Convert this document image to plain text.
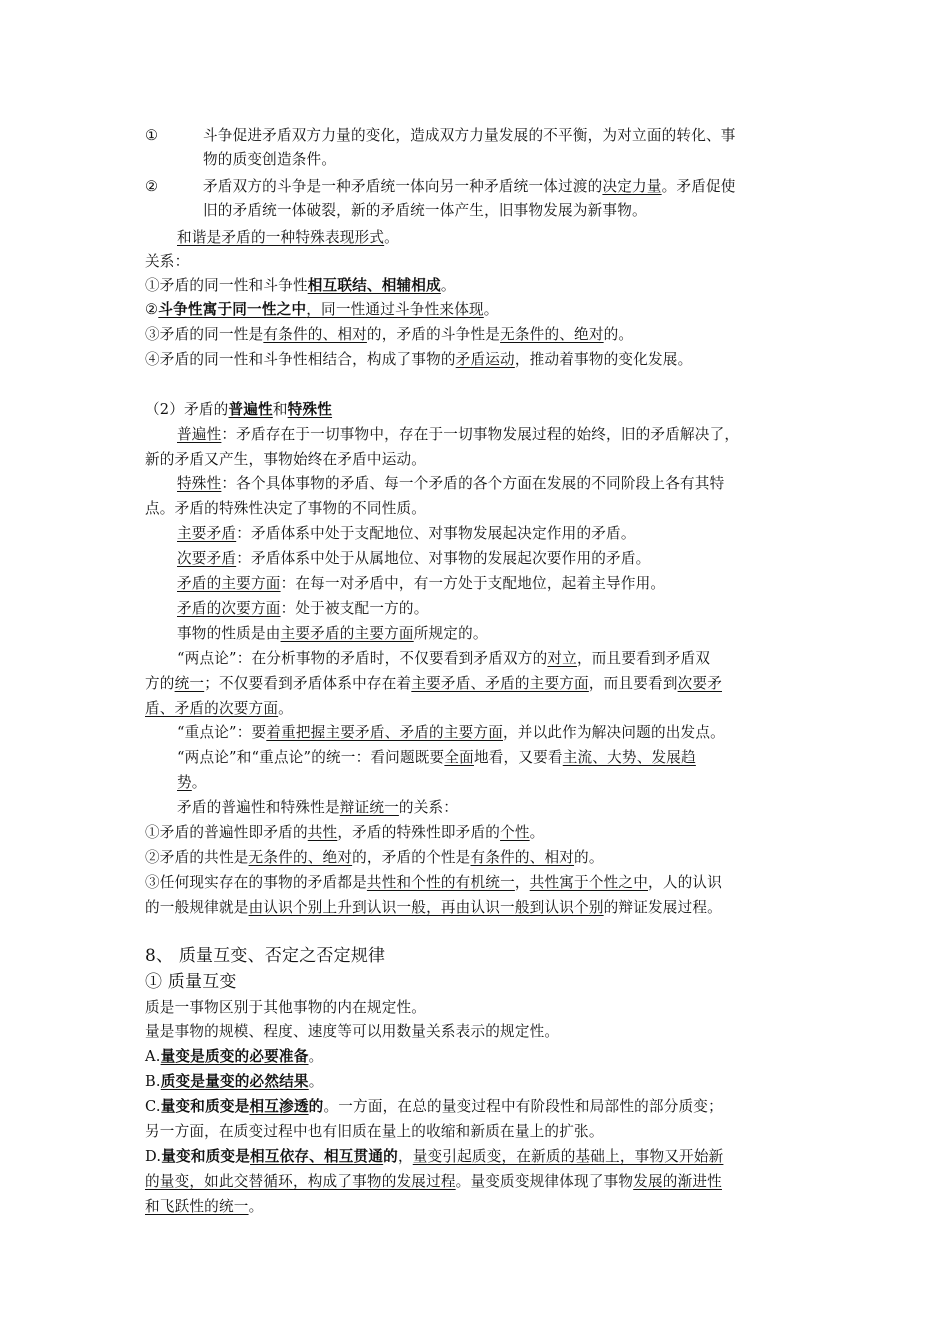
①	斗争促进矛盾双方力量的变化，造成双方力量发展的不平衡，为对立面的转化、事
物的质变创造条件。
②	矛盾双方的斗争是一种矛盾统一体向另一种矛盾统一体过渡的决定力量。矛盾促使
旧的矛盾统一体破裂，新的矛盾统一体产生，旧事物发展为新事物。
和谐是矛盾的一种特殊表现形式。
关系：
①矛盾的同一性和斗争性相互联结、相辅相成。
②斗争性寓于同一性之中，同一性通过斗争性来体现。
③矛盾的同一性是有条件的、相对的，矛盾的斗争性是无条件的、绝对的。
④矛盾的同一性和斗争性相结合，构成了事物的矛盾运动，推动着事物的变化发展。
（2）矛盾的普遍性和特殊性
普遍性：矛盾存在于一切事物中，存在于一切事物发展过程的始终，旧的矛盾解决了，
新的矛盾又产生，事物始终在矛盾中运动。
特殊性：各个具体事物的矛盾、每一个矛盾的各个方面在发展的不同阶段上各有其特
点。矛盾的特殊性决定了事物的不同性质。
主要矛盾：矛盾体系中处于支配地位、对事物发展起决定作用的矛盾。
次要矛盾：矛盾体系中处于从属地位、对事物的发展起次要作用的矛盾。
矛盾的主要方面：在每一对矛盾中，有一方处于支配地位，起着主导作用。
矛盾的次要方面：处于被支配一方的。
事物的性质是由主要矛盾的主要方面所规定的。
“两点论”：在分析事物的矛盾时，不仅要看到矛盾双方的对立，而且要看到矛盾双
方的统一；不仅要看到矛盾体系中存在着主要矛盾、矛盾的主要方面，而且要看到次要矛
盾、矛盾的次要方面。
“重点论”：要着重把握主要矛盾、矛盾的主要方面，并以此作为解决问题的出发点。
“两点论”和“重点论”的统一：看问题既要全面地看，又要看主流、大势、发展趋
势。
矛盾的普遍性和特殊性是辩证统一的关系：
①矛盾的普遍性即矛盾的共性，矛盾的特殊性即矛盾的个性。
②矛盾的共性是无条件的、绝对的，矛盾的个性是有条件的、相对的。
③任何现实存在的事物的矛盾都是共性和个性的有机统一，共性寓于个性之中，人的认识
的一般规律就是由认识个别上升到认识一般，再由认识一般到认识个别的辩证发展过程。
8、 质量互变、否定之否定规律
① 质量互变
质是一事物区别于其他事物的内在规定性。
量是事物的规模、程度、速度等可以用数量关系表示的规定性。
A.量变是质变的必要准备。
B.质变是量变的必然结果。
C.量变和质变是相互渗透的。一方面，在总的量变过程中有阶段性和局部性的部分质变；
另一方面，在质变过程中也有旧质在量上的收缩和新质在量上的扩张。
D.量变和质变是相互依存、相互贯通的，量变引起质变，在新质的基础上，事物又开始新
的量变，如此交替循环，构成了事物的发展过程。量变质变规律体现了事物发展的渐进性
和飞跃性的统一。
